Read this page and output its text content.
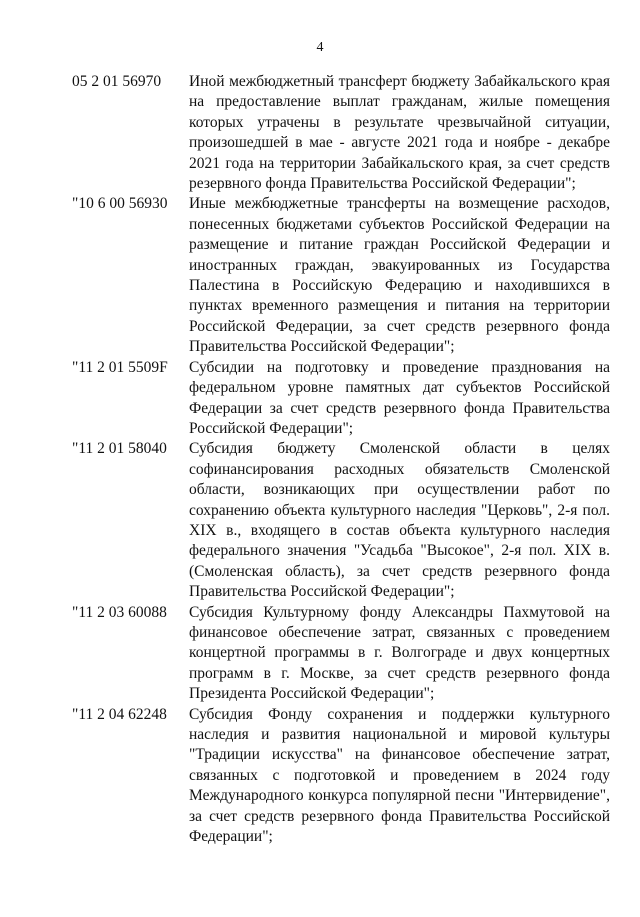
4
05 2 01 56970	Иной межбюджетный трансферт бюджету Забайкальского края на предоставление выплат гражданам, жилые помещения которых утрачены в результате чрезвычайной ситуации, произошедшей в мае - августе 2021 года и ноябре - декабре 2021 года на территории Забайкальского края, за счет средств резервного фонда Правительства Российской Федерации";
"10 6 00 56930	Иные межбюджетные трансферты на возмещение расходов, понесенных бюджетами субъектов Российской Федерации на размещение и питание граждан Российской Федерации и иностранных граждан, эвакуированных из Государства Палестина в Российскую Федерацию и находившихся в пунктах временного размещения и питания на территории Российской Федерации, за счет средств резервного фонда Правительства Российской Федерации";
"11 2 01 5509F	Субсидии на подготовку и проведение празднования на федеральном уровне памятных дат субъектов Российской Федерации за счет средств резервного фонда Правительства Российской Федерации";
"11 2 01 58040	Субсидия бюджету Смоленской области в целях софинансирования расходных обязательств Смоленской области, возникающих при осуществлении работ по сохранению объекта культурного наследия "Церковь", 2-я пол. XIX в., входящего в состав объекта культурного наследия федерального значения "Усадьба "Высокое", 2-я пол. XIX в. (Смоленская область), за счет средств резервного фонда Правительства Российской Федерации";
"11 2 03 60088	Субсидия Культурному фонду Александры Пахмутовой на финансовое обеспечение затрат, связанных с проведением концертной программы в г. Волгограде и двух концертных программ в г. Москве, за счет средств резервного фонда Президента Российской Федерации";
"11 2 04 62248	Субсидия Фонду сохранения и поддержки культурного наследия и развития национальной и мировой культуры "Традиции искусства" на финансовое обеспечение затрат, связанных с подготовкой и проведением в 2024 году Международного конкурса популярной песни "Интервидение", за счет средств резервного фонда Правительства Российской Федерации";
